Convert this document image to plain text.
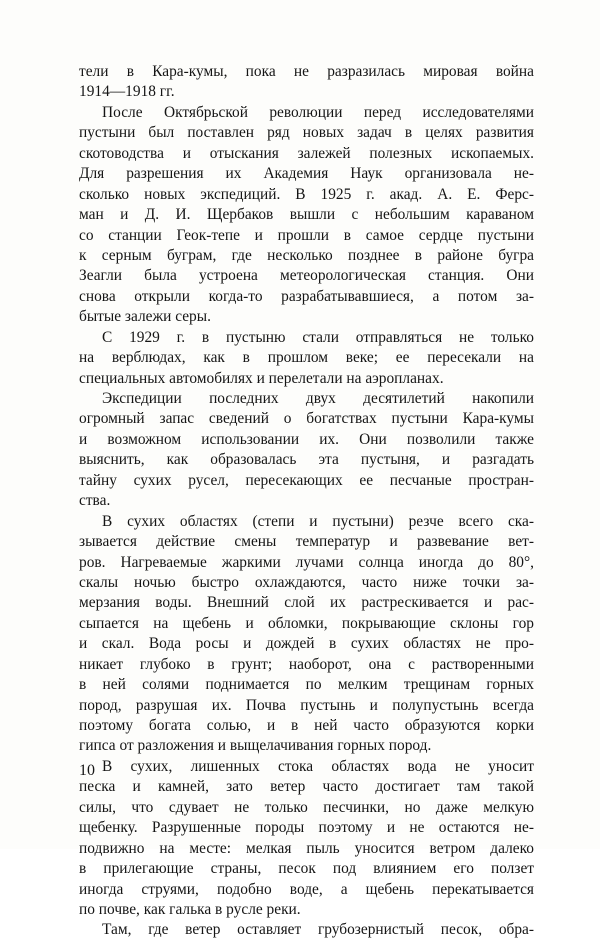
тели в Кара-кумы, пока не разразилась мировая война
1914—1918 гг.
После Октябрьской революции перед исследователями
пустыни был поставлен ряд новых задач в целях развития
скотоводства и отыскания залежей полезных ископаемых.
Для разрешения их Академия Наук организовала не-
сколько новых экспедиций. В 1925 г. акад. А. Е. Ферс-
ман и Д. И. Щербаков вышли с небольшим караваном
со станции Геок-тепе и прошли в самое сердце пустыни
к серным буграм, где несколько позднее в районе бугра
Зеагли была устроена метеорологическая станция. Они
снова открыли когда-то разрабатывавшиеся, а потом за-
бытые залежи серы.
С 1929 г. в пустыню стали отправляться не только
на верблюдах, как в прошлом веке; ее пересекали на
специальных автомобилях и перелетали на аэропланах.
Экспедиции последних двух десятилетий накопили
огромный запас сведений о богатствах пустыни Кара-кумы
и возможном использовании их. Они позволили также
выяснить, как образовалась эта пустыня, и разгадать
тайну сухих русел, пересекающих ее песчаные простран-
ства.
В сухих областях (степи и пустыни) резче всего ска-
зывается действие смены температур и развевание вет-
ров. Нагреваемые жаркими лучами солнца иногда до 80°,
скалы ночью быстро охлаждаются, часто ниже точки за-
мерзания воды. Внешний слой их растрескивается и рас-
сыпается на щебень и обломки, покрывающие склоны гор
и скал. Вода росы и дождей в сухих областях не про-
никает глубоко в грунт; наоборот, она с растворенными
в ней солями поднимается по мелким трещинам горных
пород, разрушая их. Почва пустынь и полупустынь всегда
поэтому богата солью, и в ней часто образуются корки
гипса от разложения и выщелачивания горных пород.
В сухих, лишенных стока областях вода не уносит
песка и камней, зато ветер часто достигает там такой
силы, что сдувает не только песчинки, но даже мелкую
щебенку. Разрушенные породы поэтому и не остаются не-
подвижно на месте: мелкая пыль уносится ветром далеко
в прилегающие страны, песок под влиянием его ползет
иногда струями, подобно воде, а щебень перекатывается
по почве, как галька в русле реки.
Там, где ветер оставляет грубозернистый песок, обра-
10
